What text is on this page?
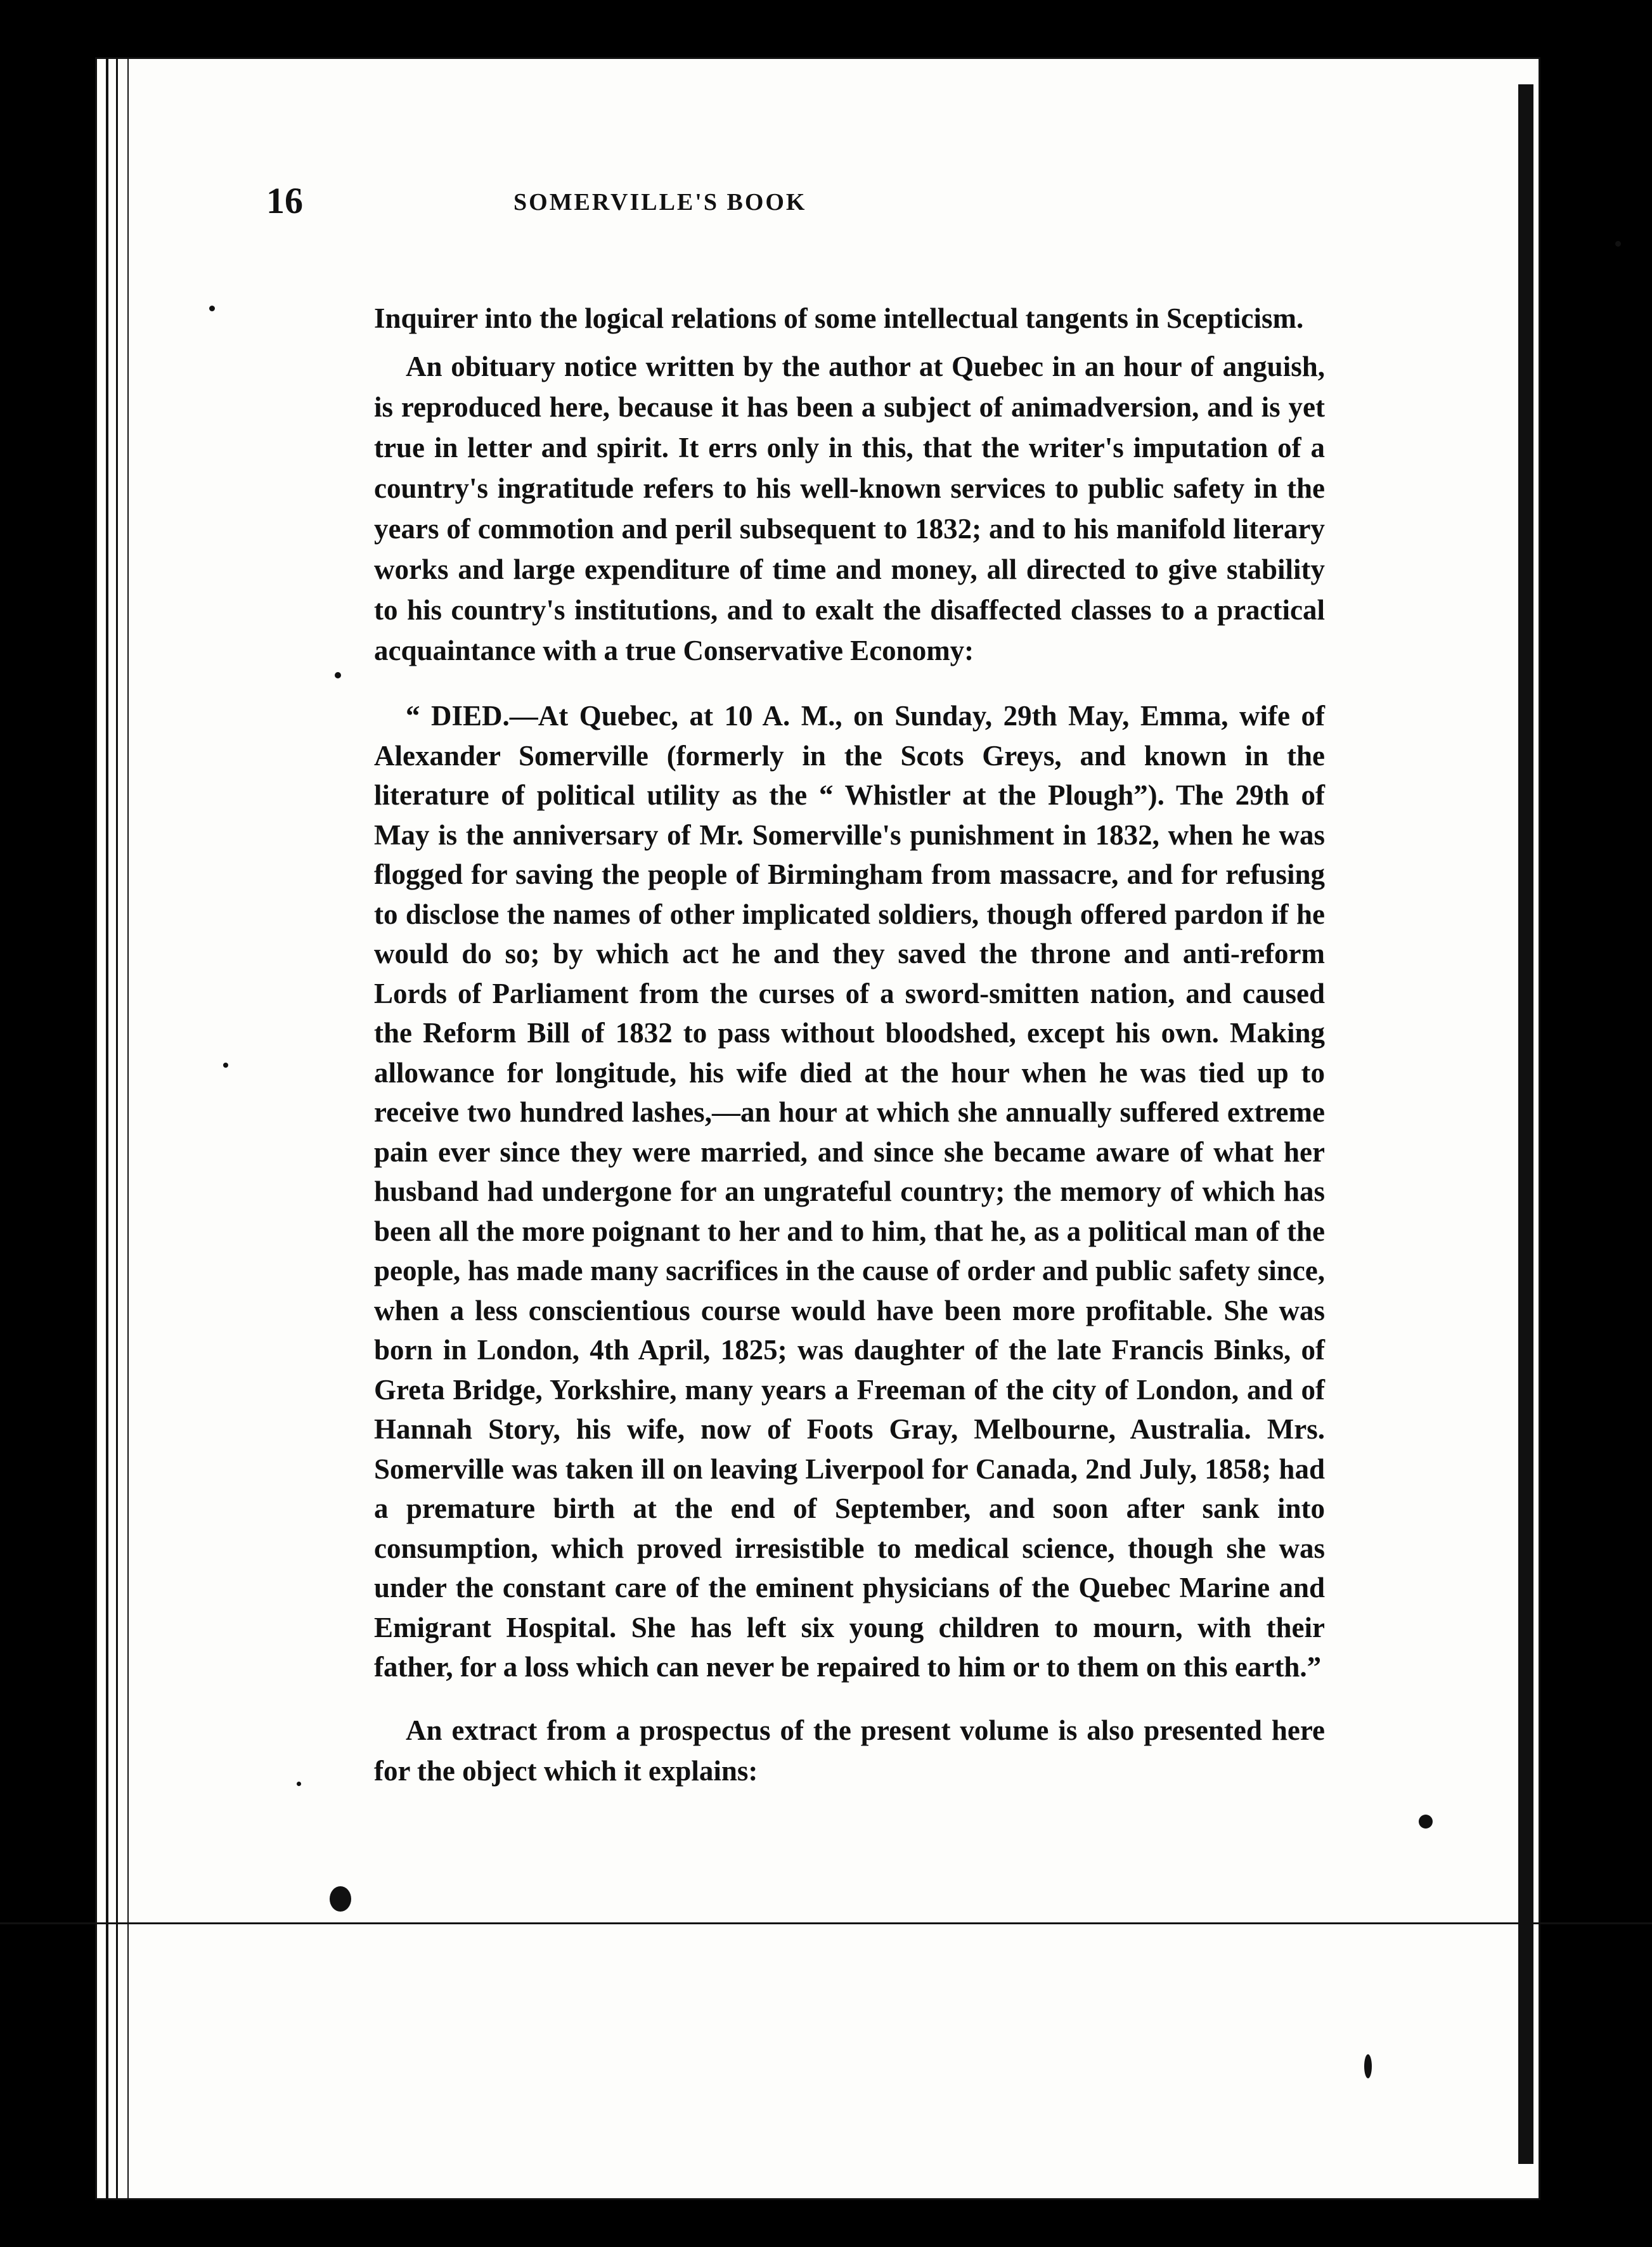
16	SOMERVILLE'S BOOK

Inquirer into the logical relations of some intellectual tangents in Scepticism.

An obituary notice written by the author at Quebec in an hour of anguish, is reproduced here, because it has been a subject of animadversion, and is yet true in letter and spirit. It errs only in this, that the writer's imputation of a country's ingratitude refers to his well-known services to public safety in the years of commotion and peril subsequent to 1832; and to his manifold literary works and large expenditure of time and money, all directed to give stability to his country's institutions, and to exalt the disaffected classes to a practical acquaintance with a true Conservative Economy:

“ DIED.—At Quebec, at 10 A. M., on Sunday, 29th May, Emma, wife of Alexander Somerville (formerly in the Scots Greys, and known in the literature of political utility as the “ Whistler at the Plough”). The 29th of May is the anniversary of Mr. Somerville's punishment in 1832, when he was flogged for saving the people of Birmingham from massacre, and for refusing to disclose the names of other implicated soldiers, though offered pardon if he would do so; by which act he and they saved the throne and anti-reform Lords of Parliament from the curses of a sword-smitten nation, and caused the Reform Bill of 1832 to pass without bloodshed, except his own. Making allowance for longitude, his wife died at the hour when he was tied up to receive two hundred lashes,—an hour at which she annually suffered extreme pain ever since they were married, and since she became aware of what her husband had undergone for an ungrateful country; the memory of which has been all the more poignant to her and to him, that he, as a political man of the people, has made many sacrifices in the cause of order and public safety since, when a less conscientious course would have been more profitable. She was born in London, 4th April, 1825; was daughter of the late Francis Binks, of Greta Bridge, Yorkshire, many years a Freeman of the city of London, and of Hannah Story, his wife, now of Foots Gray, Melbourne, Australia. Mrs. Somerville was taken ill on leaving Liverpool for Canada, 2nd July, 1858; had a premature birth at the end of September, and soon after sank into consumption, which proved irresistible to medical science, though she was under the constant care of the eminent physicians of the Quebec Marine and Emigrant Hospital. She has left six young children to mourn, with their father, for a loss which can never be repaired to him or to them on this earth.”

An extract from a prospectus of the present volume is also presented here for the object which it explains:
